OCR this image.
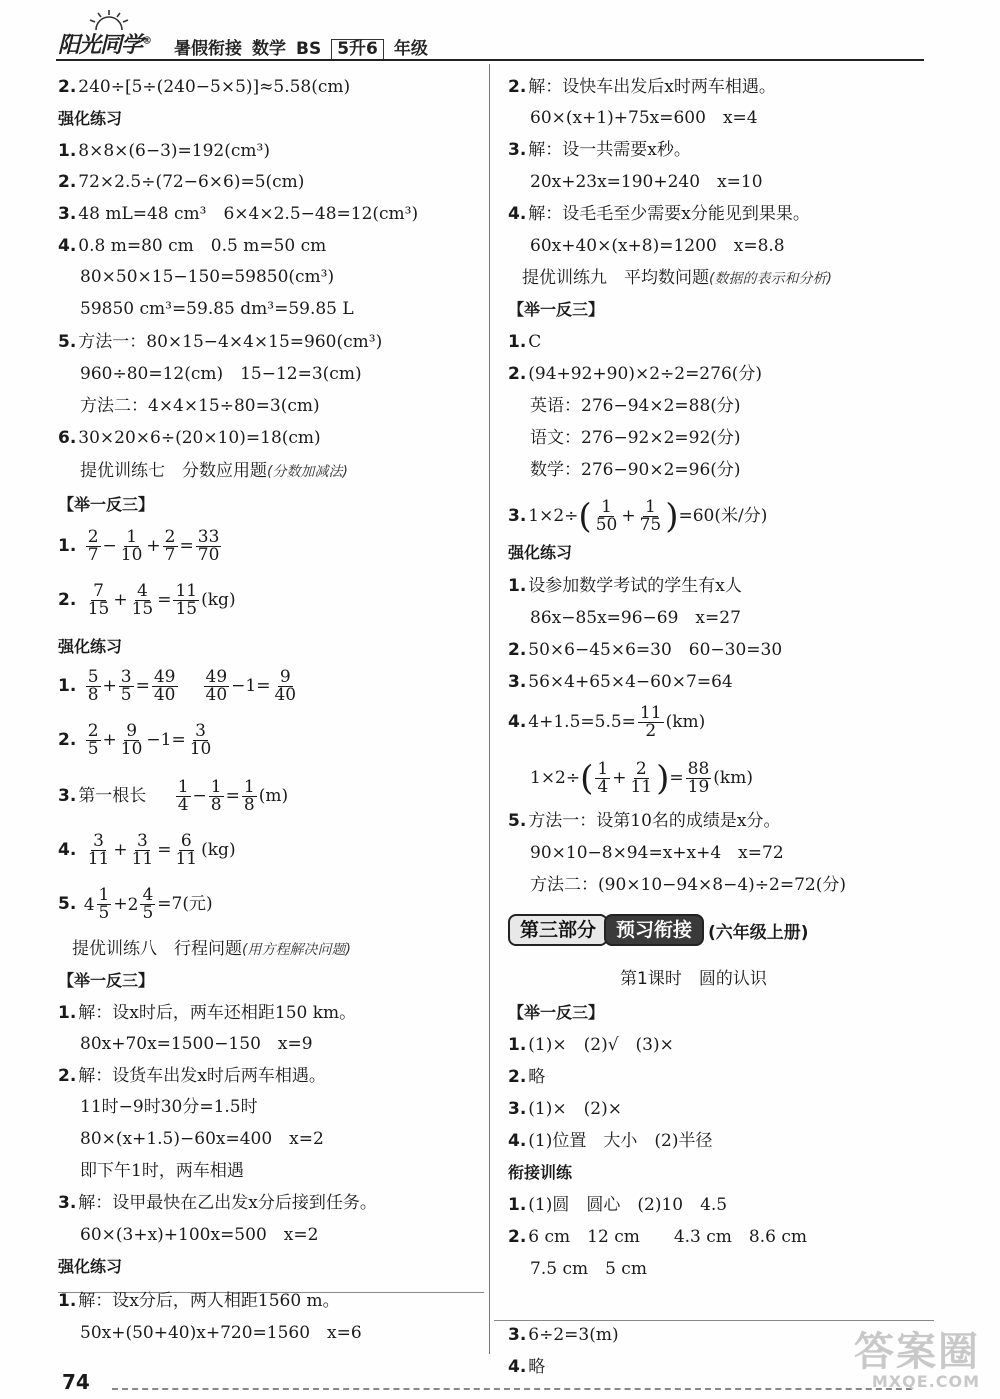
阳光同学® 暑假衔接 数学 BS 5升6 年级
2. 240÷[5÷(240−5×5)]≈5.58(cm)
强化练习
1. 8×8×(6−3)=192(cm³)
2. 72×2.5÷(72−6×6)=5(cm)
3. 48 mL=48 cm³　6×4×2.5−48=12(cm³)
4. 0.8 m=80 cm　0.5 m=50 cm
80×50×15−150=59850(cm³)
59850 cm³=59.85 dm³=59.85 L
5. 方法一：80×15−4×4×15=960(cm³)
960÷80=12(cm)　15−12=3(cm)
方法二：4×4×15÷80=3(cm)
6. 30×20×6÷(20×10)=18(cm)
提优训练七　分数应用题(分数加减法)
【举一反三】
1. $\frac{2}{7} - \frac{1}{10} + \frac{2}{7} = \frac{33}{70}$
2. $\frac{7}{15} + \frac{4}{15} = \frac{11}{15} (kg)$
强化练习
1. $\frac{5}{8} + \frac{3}{5} = \frac{49}{40} \frac{49}{40} -1= \frac{9}{40}$
2. $\frac{2}{5} + \frac{9}{10} -1= \frac{3}{10}$
3. 第一根长 $\frac{1}{4} - \frac{1}{8} = \frac{1}{8} (m)$
4. $\frac{3}{11} + \frac{3}{11} = \frac{6}{11} (kg)$
5. $4 \frac{1}{5} + 2 \frac{4}{5} =7$(元)
提优训练八　行程问题(用方程解决问题)
【举一反三】
1. 解：设x时后，两车还相距150 km。
80x+70x=1500−150　x=9
2. 解：设货车出发x时后两车相遇。
11时−9时30分=1.5时
80×(x+1.5)−60x=400　x=2
即下午1时，两车相遇
3. 解：设甲最快在乙出发x分后接到任务。
60×(3+x)+100x=500　x=2
强化练习
1. 解：设x分后，两人相距1560 m。
50x+(50+40)x+720=1560　x=6
2. 解：设快车出发后x时两车相遇。
60×(x+1)+75x=600　x=4
3. 解：设一共需要x秒。
20x+23x=190+240　x=10
4. 解：设毛毛至少需要x分能见到果果。
60x+40×(x+8)=1200　x=8.8
提优训练九　平均数问题(数据的表示和分析)
【举一反三】
1. C
2. (94+92+90)×2÷2=276(分)
英语：276−94×2=88(分)
语文：276−92×2=92(分)
数学：276−90×2=96(分)
3. $1\times 2\div( \frac{1}{50} + \frac{1}{75} )=60$(米/分)
强化练习
1. 设参加数学考试的学生有x人
86x−85x=96−69　x=27
2. 50×6−45×6=30　60−30=30
3. 56×4+65×4−60×7=64
4. $4+1.5=5.5= \frac{11}{2} (km)$
$1\times 2\div( \frac{1}{4} + \frac{2}{11}$ )= $\frac{88}{19} (km)$
5. 方法一：设第10名的成绩是x分。
90×10−8×94=x+x+4　x=72
方法二：(90×10−94×8−4)÷2=72(分)
第三部分 预习衔接 (六年级上册)
第1课时　圆的认识
【举一反三】
1. (1)×　(2)√　(3)×
2. 略
3. (1)×　(2)×
4. (1)位置　大小　(2)半径
衔接训练
1. (1)圆　圆心　(2)10　4.5
2. 6 cm　12 cm　　4.3 cm　8.6 cm
7.5 cm　5 cm
3. 6÷2=3(m)
4. 略
74
答案圈
MXQE.COM
